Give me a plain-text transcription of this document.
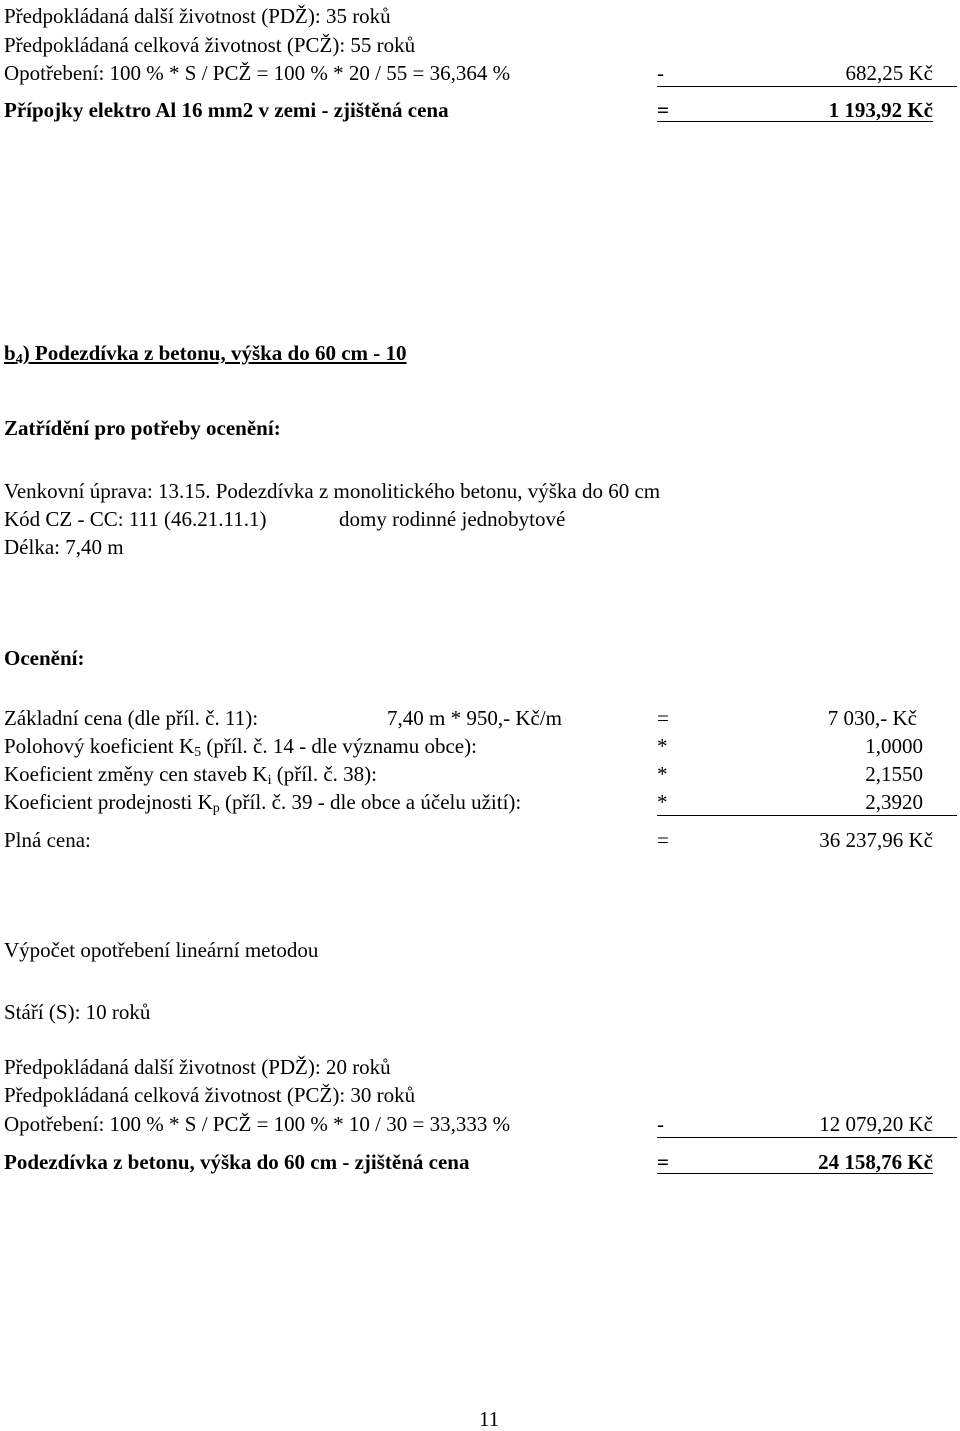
Předpokládaná další životnost (PDŽ): 35 roků
Předpokládaná celková životnost (PCŽ): 55 roků
Opotřebení: 100 % * S / PCŽ = 100 % * 20 / 55 = 36,364 %	-	682,25 Kč
Přípojky elektro Al 16 mm2 v zemi - zjištěná cena	=	1 193,92 Kč
$b_4$) Podezdívka z betonu, výška do 60 cm - 10
Zatřídění pro potřeby ocenění:
Venkovní úprava: 13.15. Podezdívka z monolitického betonu, výška do 60 cm
Kód CZ - CC: 111 (46.21.11.1)	domy rodinné jednobytové
Délka: 7,40 m
Ocenění:
Základní cena (dle příl. č. 11):	7,40 m * 950,- Kč/m	=	7 030,- Kč
Polohový koeficient $K_5$ (příl. č. 14 - dle významu obce):	*	1,0000
Koeficient změny cen staveb $K_i$ (příl. č. 38):	*	2,1550
Koeficient prodejnosti $K_p$ (příl. č. 39 - dle obce a účelu užití):	*	2,3920
Plná cena:	=	36 237,96 Kč
Výpočet opotřebení lineární metodou
Stáří (S): 10 roků
Předpokládaná další životnost (PDŽ): 20 roků
Předpokládaná celková životnost (PCŽ): 30 roků
Opotřebení: 100 % * S / PCŽ = 100 % * 10 / 30 = 33,333 %	-	12 079,20 Kč
Podezdívka z betonu, výška do 60 cm - zjištěná cena	=	24 158,76 Kč
11
